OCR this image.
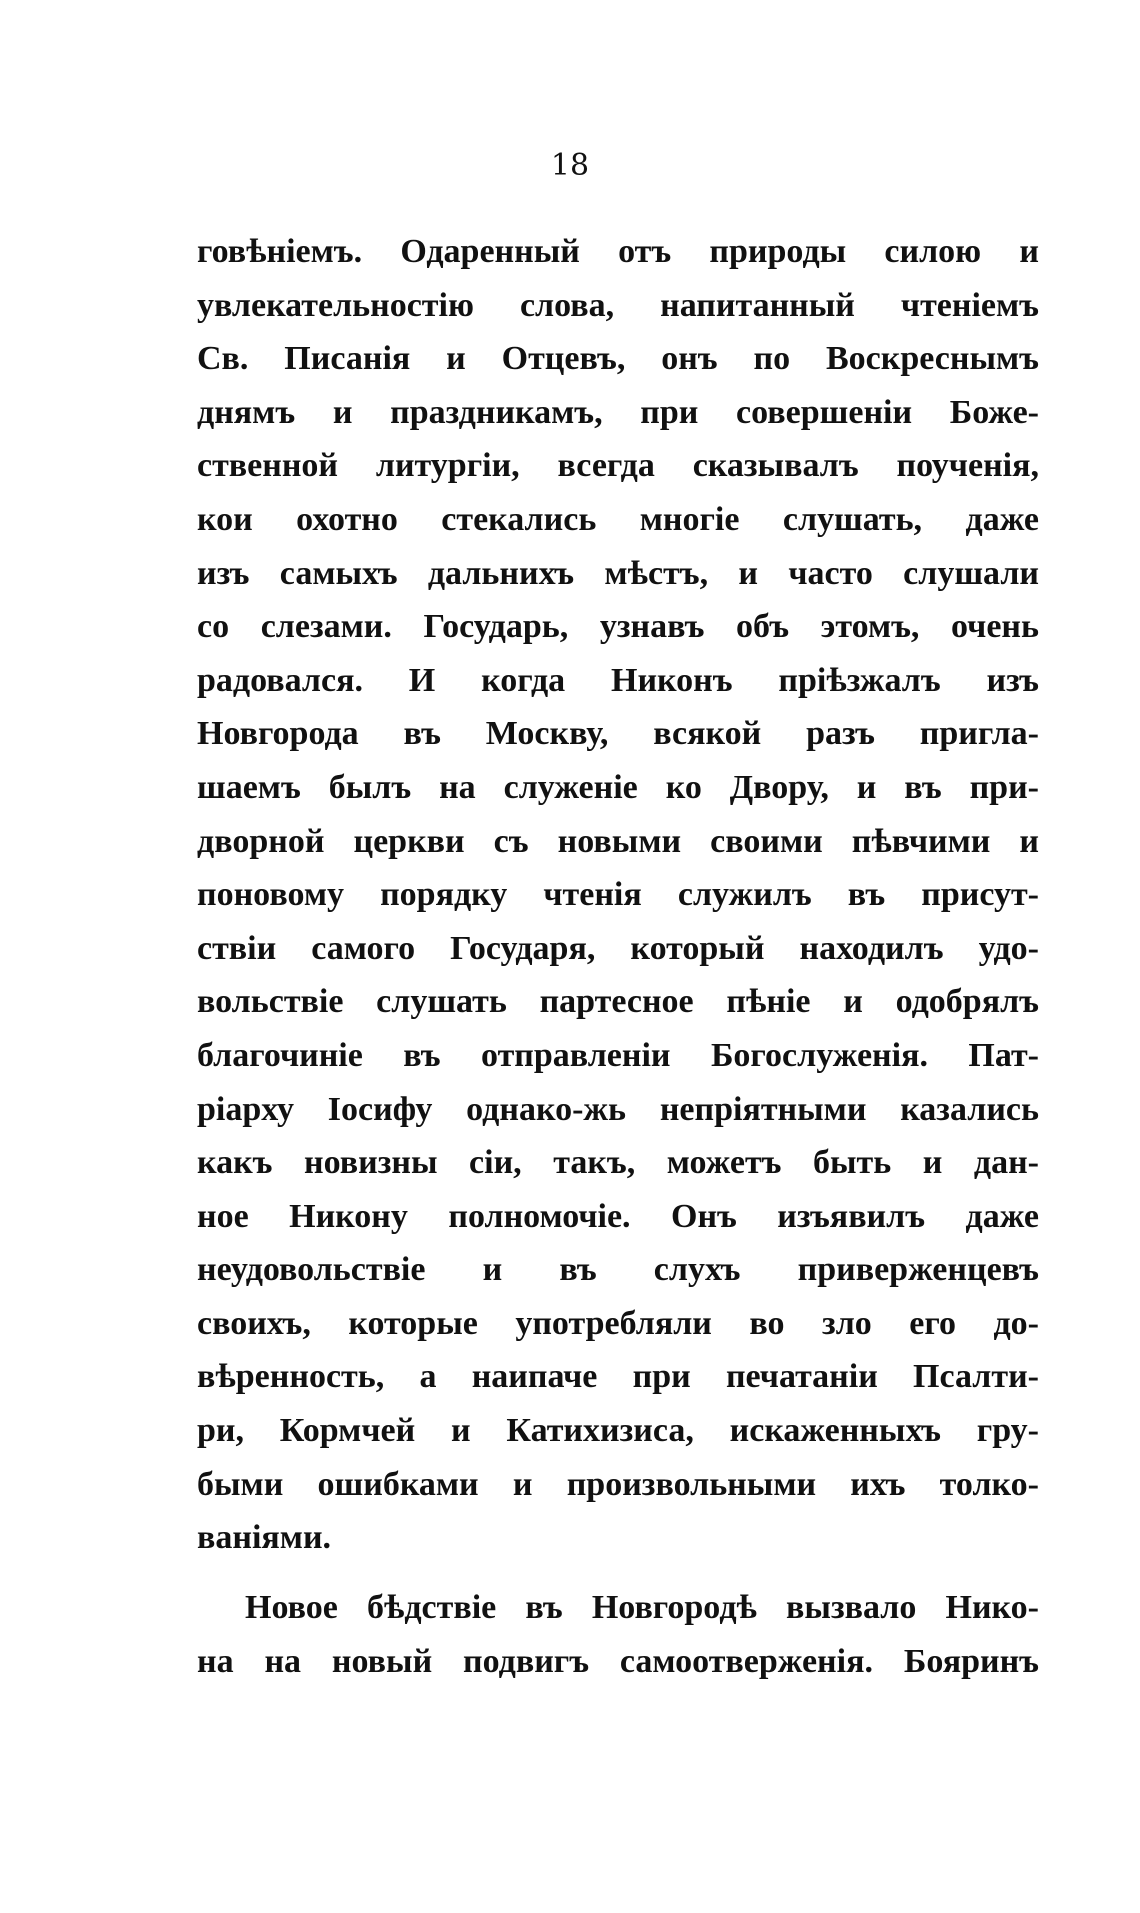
18
говѣніемъ. Одаренный отъ природы силою и
увлекательностію слова, напитанный чтеніемъ
Св. Писанія и Отцевъ, онъ по Воскреснымъ
днямъ и праздникамъ, при совершеніи Боже-
ственной литургіи, всегда сказывалъ поученія,
кои охотно стекались многіе слушать, даже
изъ самыхъ дальнихъ мѣстъ, и часто слушали
со слезами. Государь, узнавъ объ этомъ, очень
радовался. И когда Никонъ пріѣзжалъ изъ
Новгорода въ Москву, всякой разъ пригла-
шаемъ былъ на служеніе ко Двору, и въ при-
дворной церкви съ новыми своими пѣвчими и
поновому порядку чтенія служилъ въ присут-
ствіи самого Государя, который находилъ удо-
вольствіе слушать партесное пѣніе и одобрялъ
благочиніе въ отправленіи Богослуженія. Пат-
ріарху Іосифу однако-жь непріятными казались
какъ новизны сіи, такъ, можетъ быть и дан-
ное Никону полномочіе. Онъ изъявилъ даже
неудовольствіе и въ слухъ приверженцевъ
своихъ, которые употребляли во зло его до-
вѣренность, а наипаче при печатаніи Псалти-
ри, Кормчей и Катихизиса, искаженныхъ гру-
быми ошибками и произвольными ихъ толко-
ваніями.
Новое бѣдствіе въ Новгородѣ вызвало Нико-
на на новый подвигъ самоотверженія. Бояринъ
